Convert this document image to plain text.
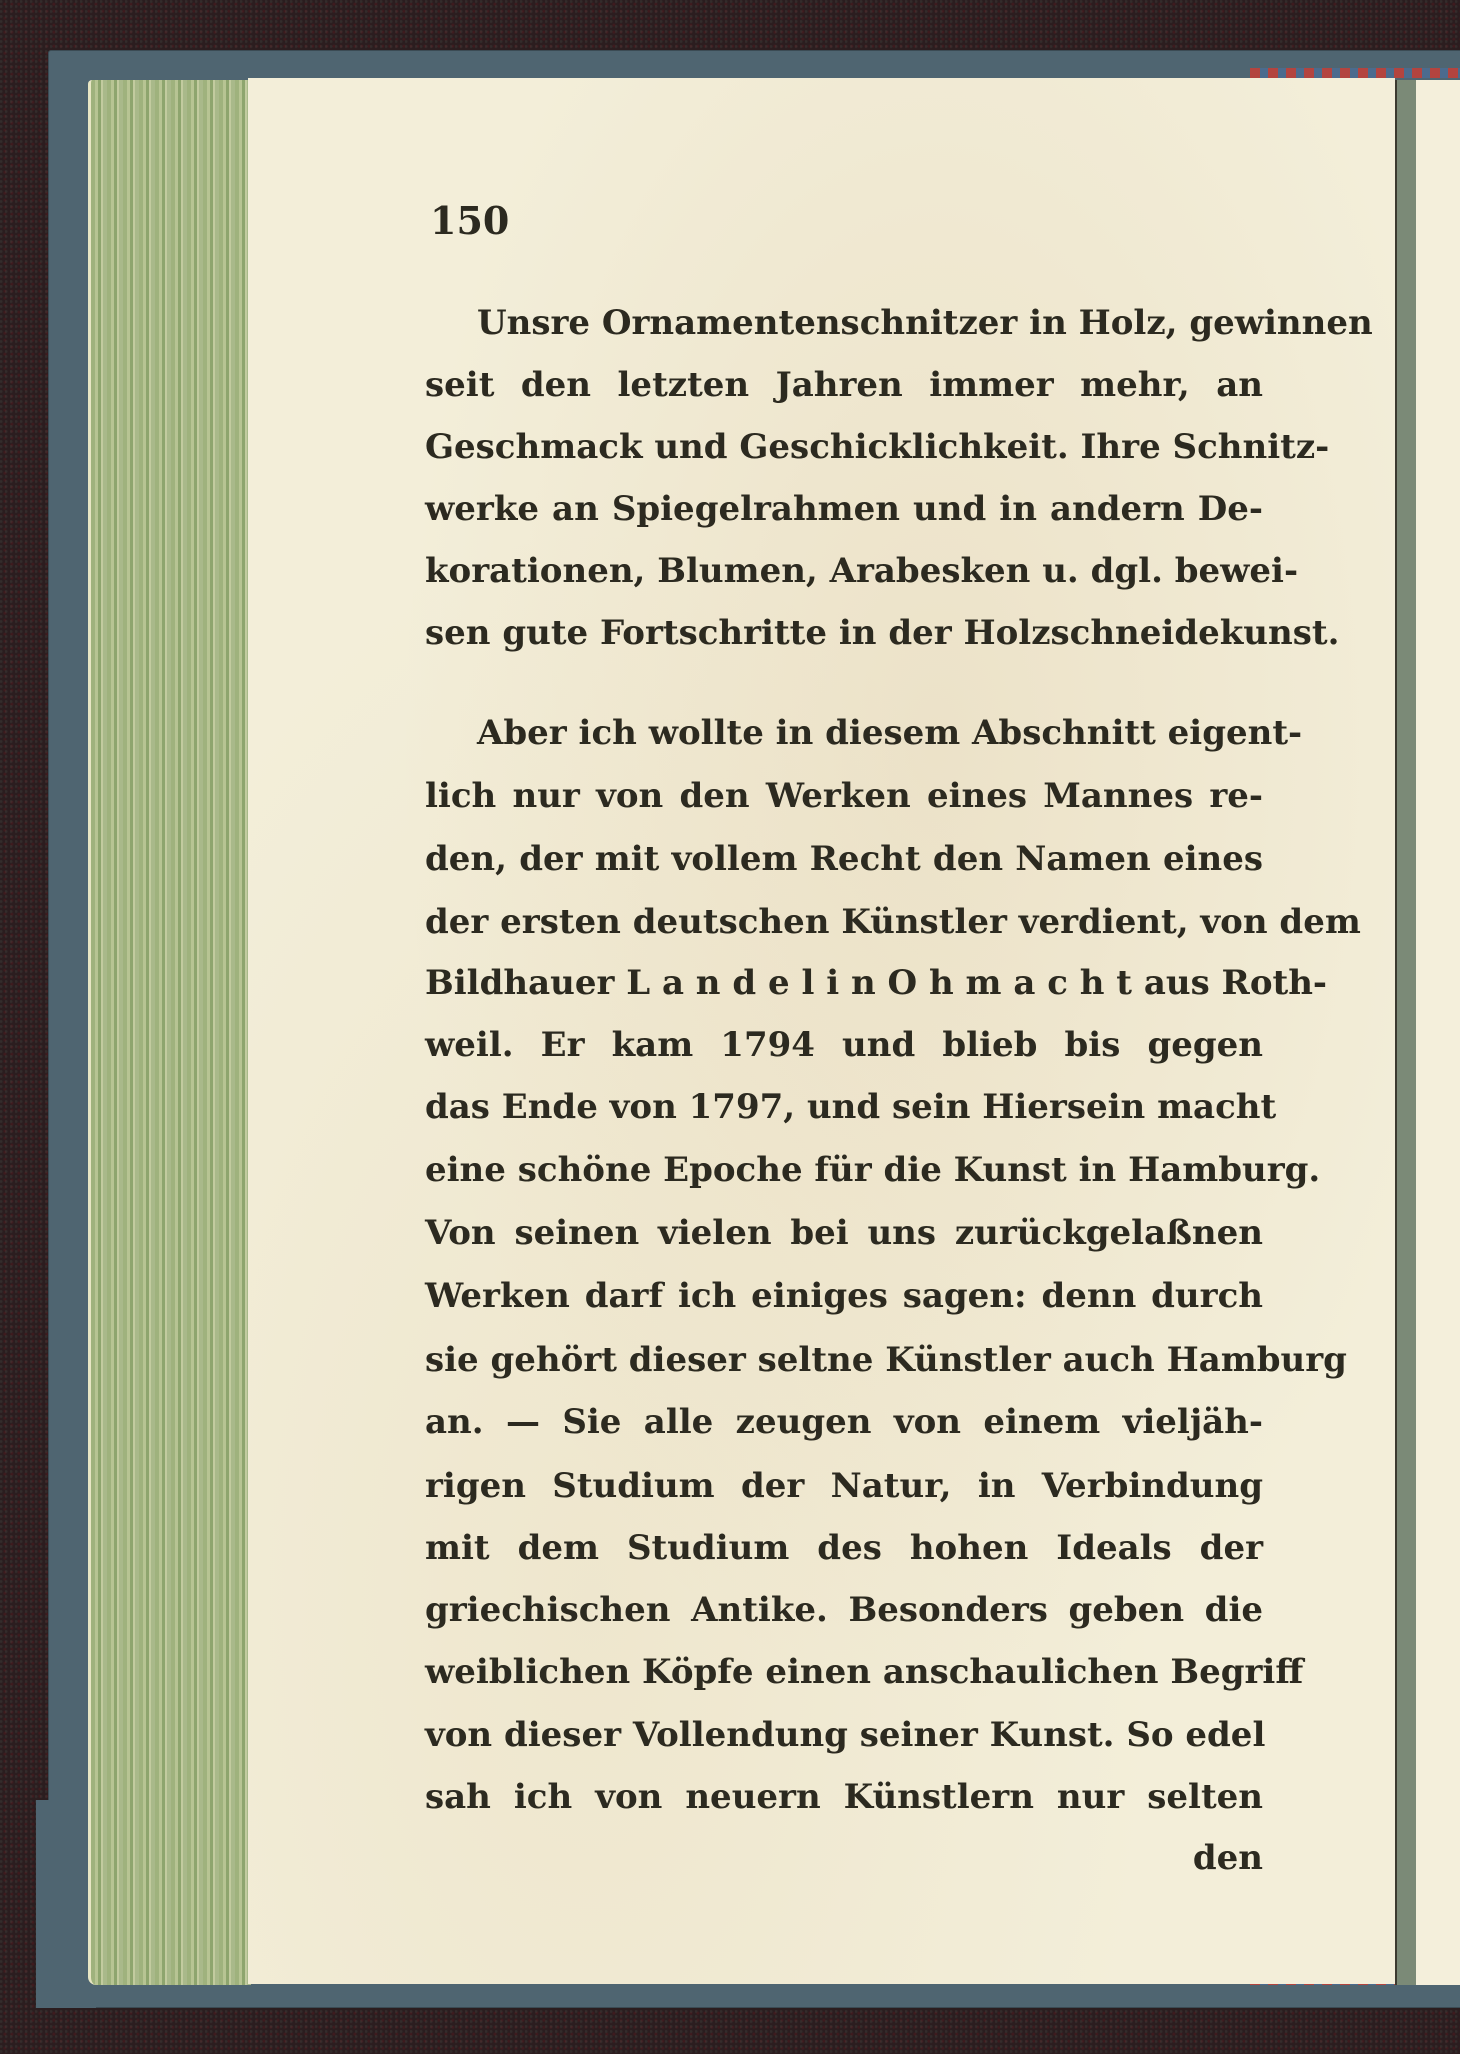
150
Unsre Ornamentenschnitzer in Holz, gewinnen
seit den letzten Jahren immer mehr, an
Geschmack und Geschicklichkeit. Ihre Schnitz-
werke an Spiegelrahmen und in andern De-
korationen, Blumen, Arabesken u. dgl. bewei-
sen gute Fortschritte in der Holzschneidekunst.
Aber ich wollte in diesem Abschnitt eigent-
lich nur von den Werken eines Mannes re-
den, der mit vollem Recht den Namen eines
der ersten deutschen Künstler verdient, von dem
Bildhauer L a n d e l i n O h m a c h t aus Roth-
weil. Er kam 1794 und blieb bis gegen
das Ende von 1797, und sein Hiersein macht
eine schöne Epoche für die Kunst in Hamburg.
Von seinen vielen bei uns zurückgelaßnen
Werken darf ich einiges sagen: denn durch
sie gehört dieser seltne Künstler auch Hamburg
an. — Sie alle zeugen von einem vieljäh-
rigen Studium der Natur, in Verbindung
mit dem Studium des hohen Ideals der
griechischen Antike. Besonders geben die
weiblichen Köpfe einen anschaulichen Begriff
von dieser Vollendung seiner Kunst. So edel
sah ich von neuern Künstlern nur selten
den
